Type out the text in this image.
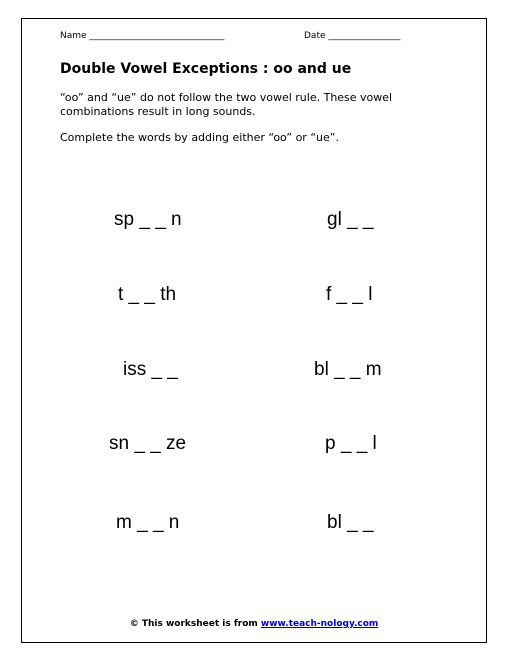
Name ______________________________	Date ________________
Double Vowel Exceptions : oo and ue

“oo” and “ue” do not follow the two vowel rule. These vowel combinations result in long sounds.

Complete the words by adding either “oo” or “ue”.

sp _ _ n
t _ _ th
iss _ _
sn _ _ ze
m _ _ n
gl _ _
f _ _ l
bl _ _ m
p _ _ l
bl _ _
© This worksheet is from www.teach-nology.com
